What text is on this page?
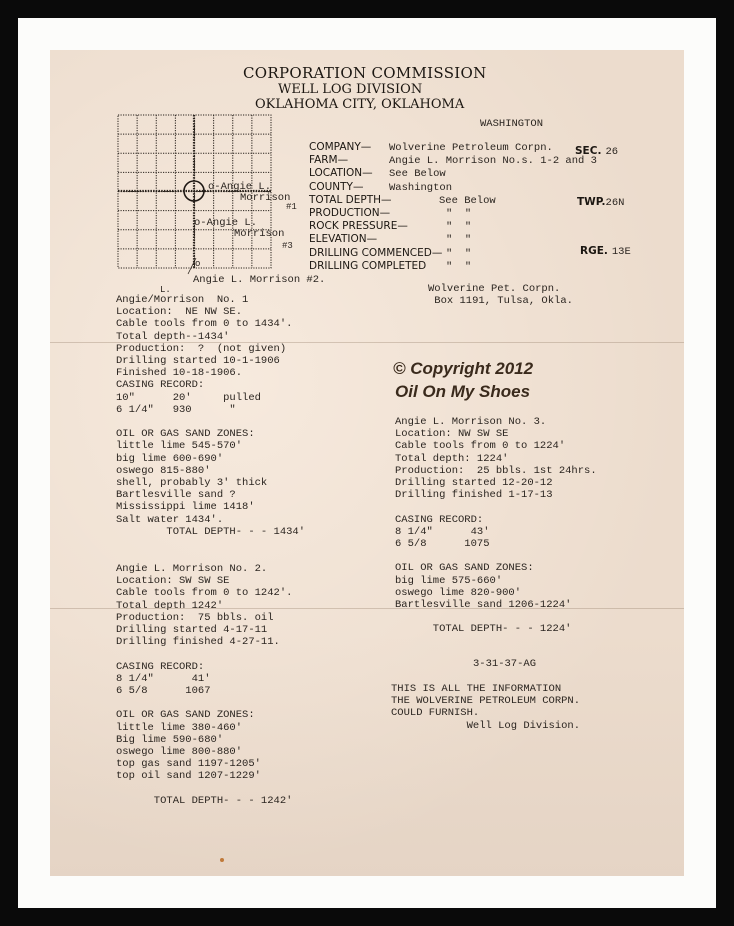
CORPORATION COMMISSION
WELL LOG DIVISION
OKLAHOMA CITY, OKLAHOMA
WASHINGTON
o-Angie L.
Morrison
#1
o-Angie L.
Morrison
#3
o
Angie L. Morrison #2.
COMPANY— Wolverine Petroleum Corpn.
FARM—	Angie L. Morrison No.s. 1-2 and 3
LOCATION— See Below
COUNTY— Washington
TOTAL DEPTH—	See Below
PRODUCTION—	"  "
ROCK PRESSURE—	"  "
ELEVATION—	"  "
DRILLING COMMENCED— "  "
DRILLING COMPLETED "  "
SEC. 26
TWP.26N
RGE. 13E
Wolverine Pet. Corpn.
Box 1191, Tulsa, Okla.
L.
Angie/Morrison  No. 1
Location:  NE NW SE.
Cable tools from 0 to 1434'.
Total depth--1434'
Production:  ?  (not given)
Drilling started 10-1-1906
Finished 10-18-1906.
CASING RECORD:
10"      20'     pulled
6 1/4"   930      "

OIL OR GAS SAND ZONES:
little lime 545-570'
big lime 600-690'
oswego 815-880'
shell, probably 3' thick
Bartlesville sand ?
Mississippi lime 1418'
Salt water 1434'.
TOTAL DEPTH- - - 1434'
Angie L. Morrison No. 2.
Location: SW SW SE
Cable tools from 0 to 1242'.
Total depth 1242'
Production:  75 bbls. oil
Drilling started 4-17-11
Drilling finished 4-27-11.

CASING RECORD:
8 1/4"      41'
6 5/8      1067

OIL OR GAS SAND ZONES:
little lime 380-460'
Big lime 590-680'
oswego lime 800-880'
top gas sand 1197-1205'
top oil sand 1207-1229'

TOTAL DEPTH- - - 1242'
© Copyright 2012
Oil On My Shoes
Angie L. Morrison No. 3.
Location: NW SW SE
Cable tools from 0 to 1224'
Total depth: 1224'
Production:  25 bbls. 1st 24hrs.
Drilling started 12-20-12
Drilling finished 1-17-13

CASING RECORD:
8 1/4"      43'
6 5/8      1075

OIL OR GAS SAND ZONES:
big lime 575-660'
oswego lime 820-900'
Bartlesville sand 1206-1224'

TOTAL DEPTH- - - 1224'
3-31-37-AG
THIS IS ALL THE INFORMATION
THE WOLVERINE PETROLEUM CORPN.
COULD FURNISH.
Well Log Division.
